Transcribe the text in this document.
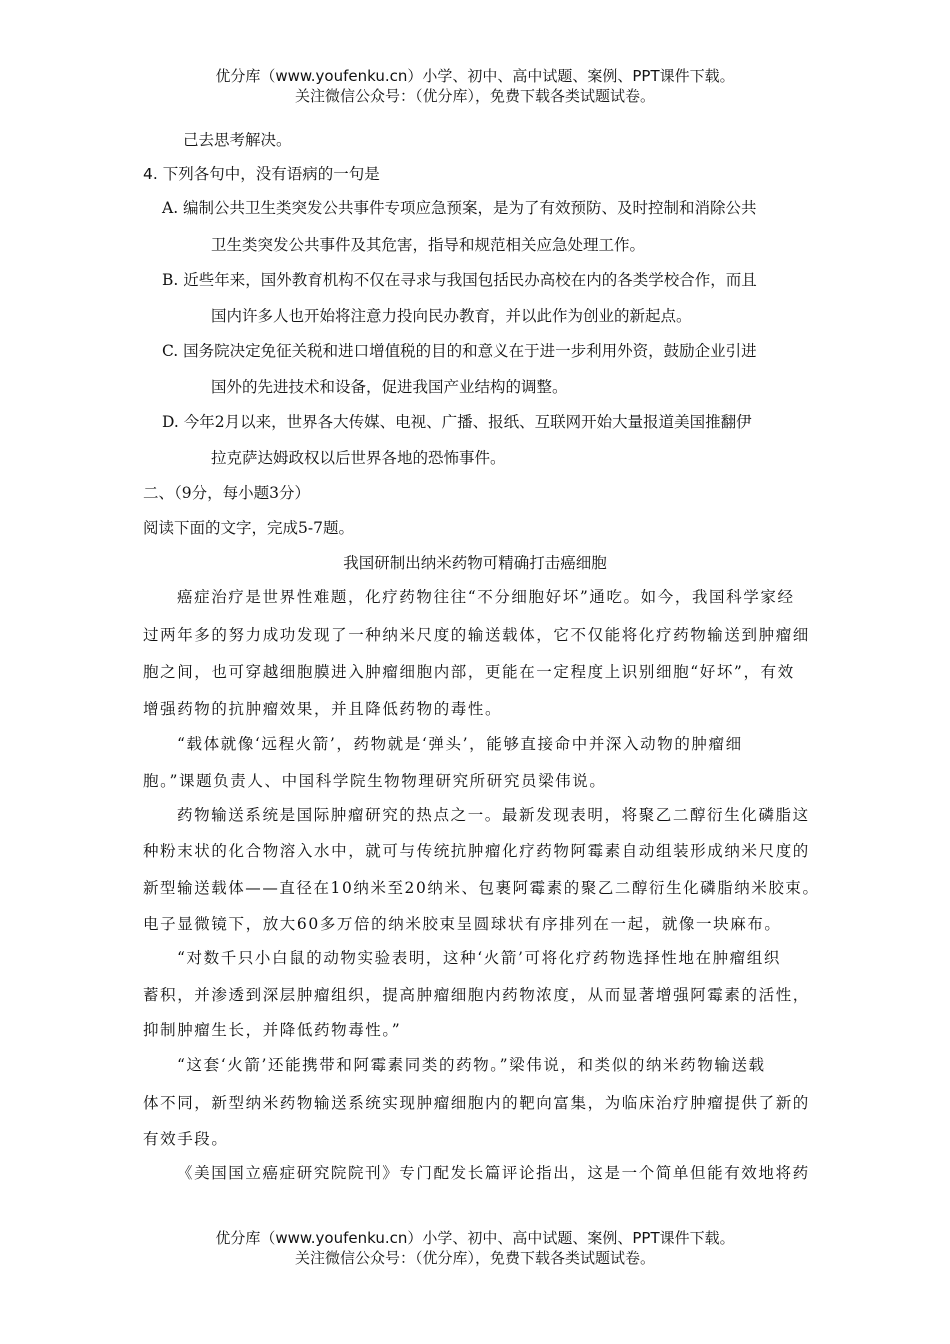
优分库（www.youfenku.cn）小学、初中、高中试题、案例、PPT课件下载。
关注微信公众号：（优分库），免费下载各类试题试卷。
己去思考解决。
4. 下列各句中，没有语病的一句是
A. 编制公共卫生类突发公共事件专项应急预案，是为了有效预防、及时控制和消除公共
卫生类突发公共事件及其危害，指导和规范相关应急处理工作。
B. 近些年来，国外教育机构不仅在寻求与我国包括民办高校在内的各类学校合作，而且
国内许多人也开始将注意力投向民办教育，并以此作为创业的新起点。
C. 国务院决定免征关税和进口增值税的目的和意义在于进一步利用外资，鼓励企业引进
国外的先进技术和设备，促进我国产业结构的调整。
D. 今年2月以来，世界各大传媒、电视、广播、报纸、互联网开始大量报道美国推翻伊
拉克萨达姆政权以后世界各地的恐怖事件。
二、（9分，每小题3分）
阅读下面的文字，完成5-7题。
我国研制出纳米药物可精确打击癌细胞
癌症治疗是世界性难题，化疗药物往往“不分细胞好坏”通吃。如今，我国科学家经
过两年多的努力成功发现了一种纳米尺度的输送载体，它不仅能将化疗药物输送到肿瘤细
胞之间，也可穿越细胞膜进入肿瘤细胞内部，更能在一定程度上识别细胞“好坏”，有效
增强药物的抗肿瘤效果，并且降低药物的毒性。
“载体就像‘远程火箭’，药物就是‘弹头’，能够直接命中并深入动物的肿瘤细
胞。”课题负责人、中国科学院生物物理研究所研究员梁伟说。
药物输送系统是国际肿瘤研究的热点之一。最新发现表明，将聚乙二醇衍生化磷脂这
种粉末状的化合物溶入水中，就可与传统抗肿瘤化疗药物阿霉素自动组装形成纳米尺度的
新型输送载体——直径在10纳米至20纳米、包裹阿霉素的聚乙二醇衍生化磷脂纳米胶束。
电子显微镜下，放大60多万倍的纳米胶束呈圆球状有序排列在一起，就像一块麻布。
“对数千只小白鼠的动物实验表明，这种‘火箭’可将化疗药物选择性地在肿瘤组织
蓄积，并渗透到深层肿瘤组织，提高肿瘤细胞内药物浓度，从而显著增强阿霉素的活性，
抑制肿瘤生长，并降低药物毒性。”
“这套‘火箭’还能携带和阿霉素同类的药物。”梁伟说，和类似的纳米药物输送载
体不同，新型纳米药物输送系统实现肿瘤细胞内的靶向富集，为临床治疗肿瘤提供了新的
有效手段。
《美国国立癌症研究院院刊》专门配发长篇评论指出，这是一个简单但能有效地将药
优分库（www.youfenku.cn）小学、初中、高中试题、案例、PPT课件下载。
关注微信公众号：（优分库），免费下载各类试题试卷。
